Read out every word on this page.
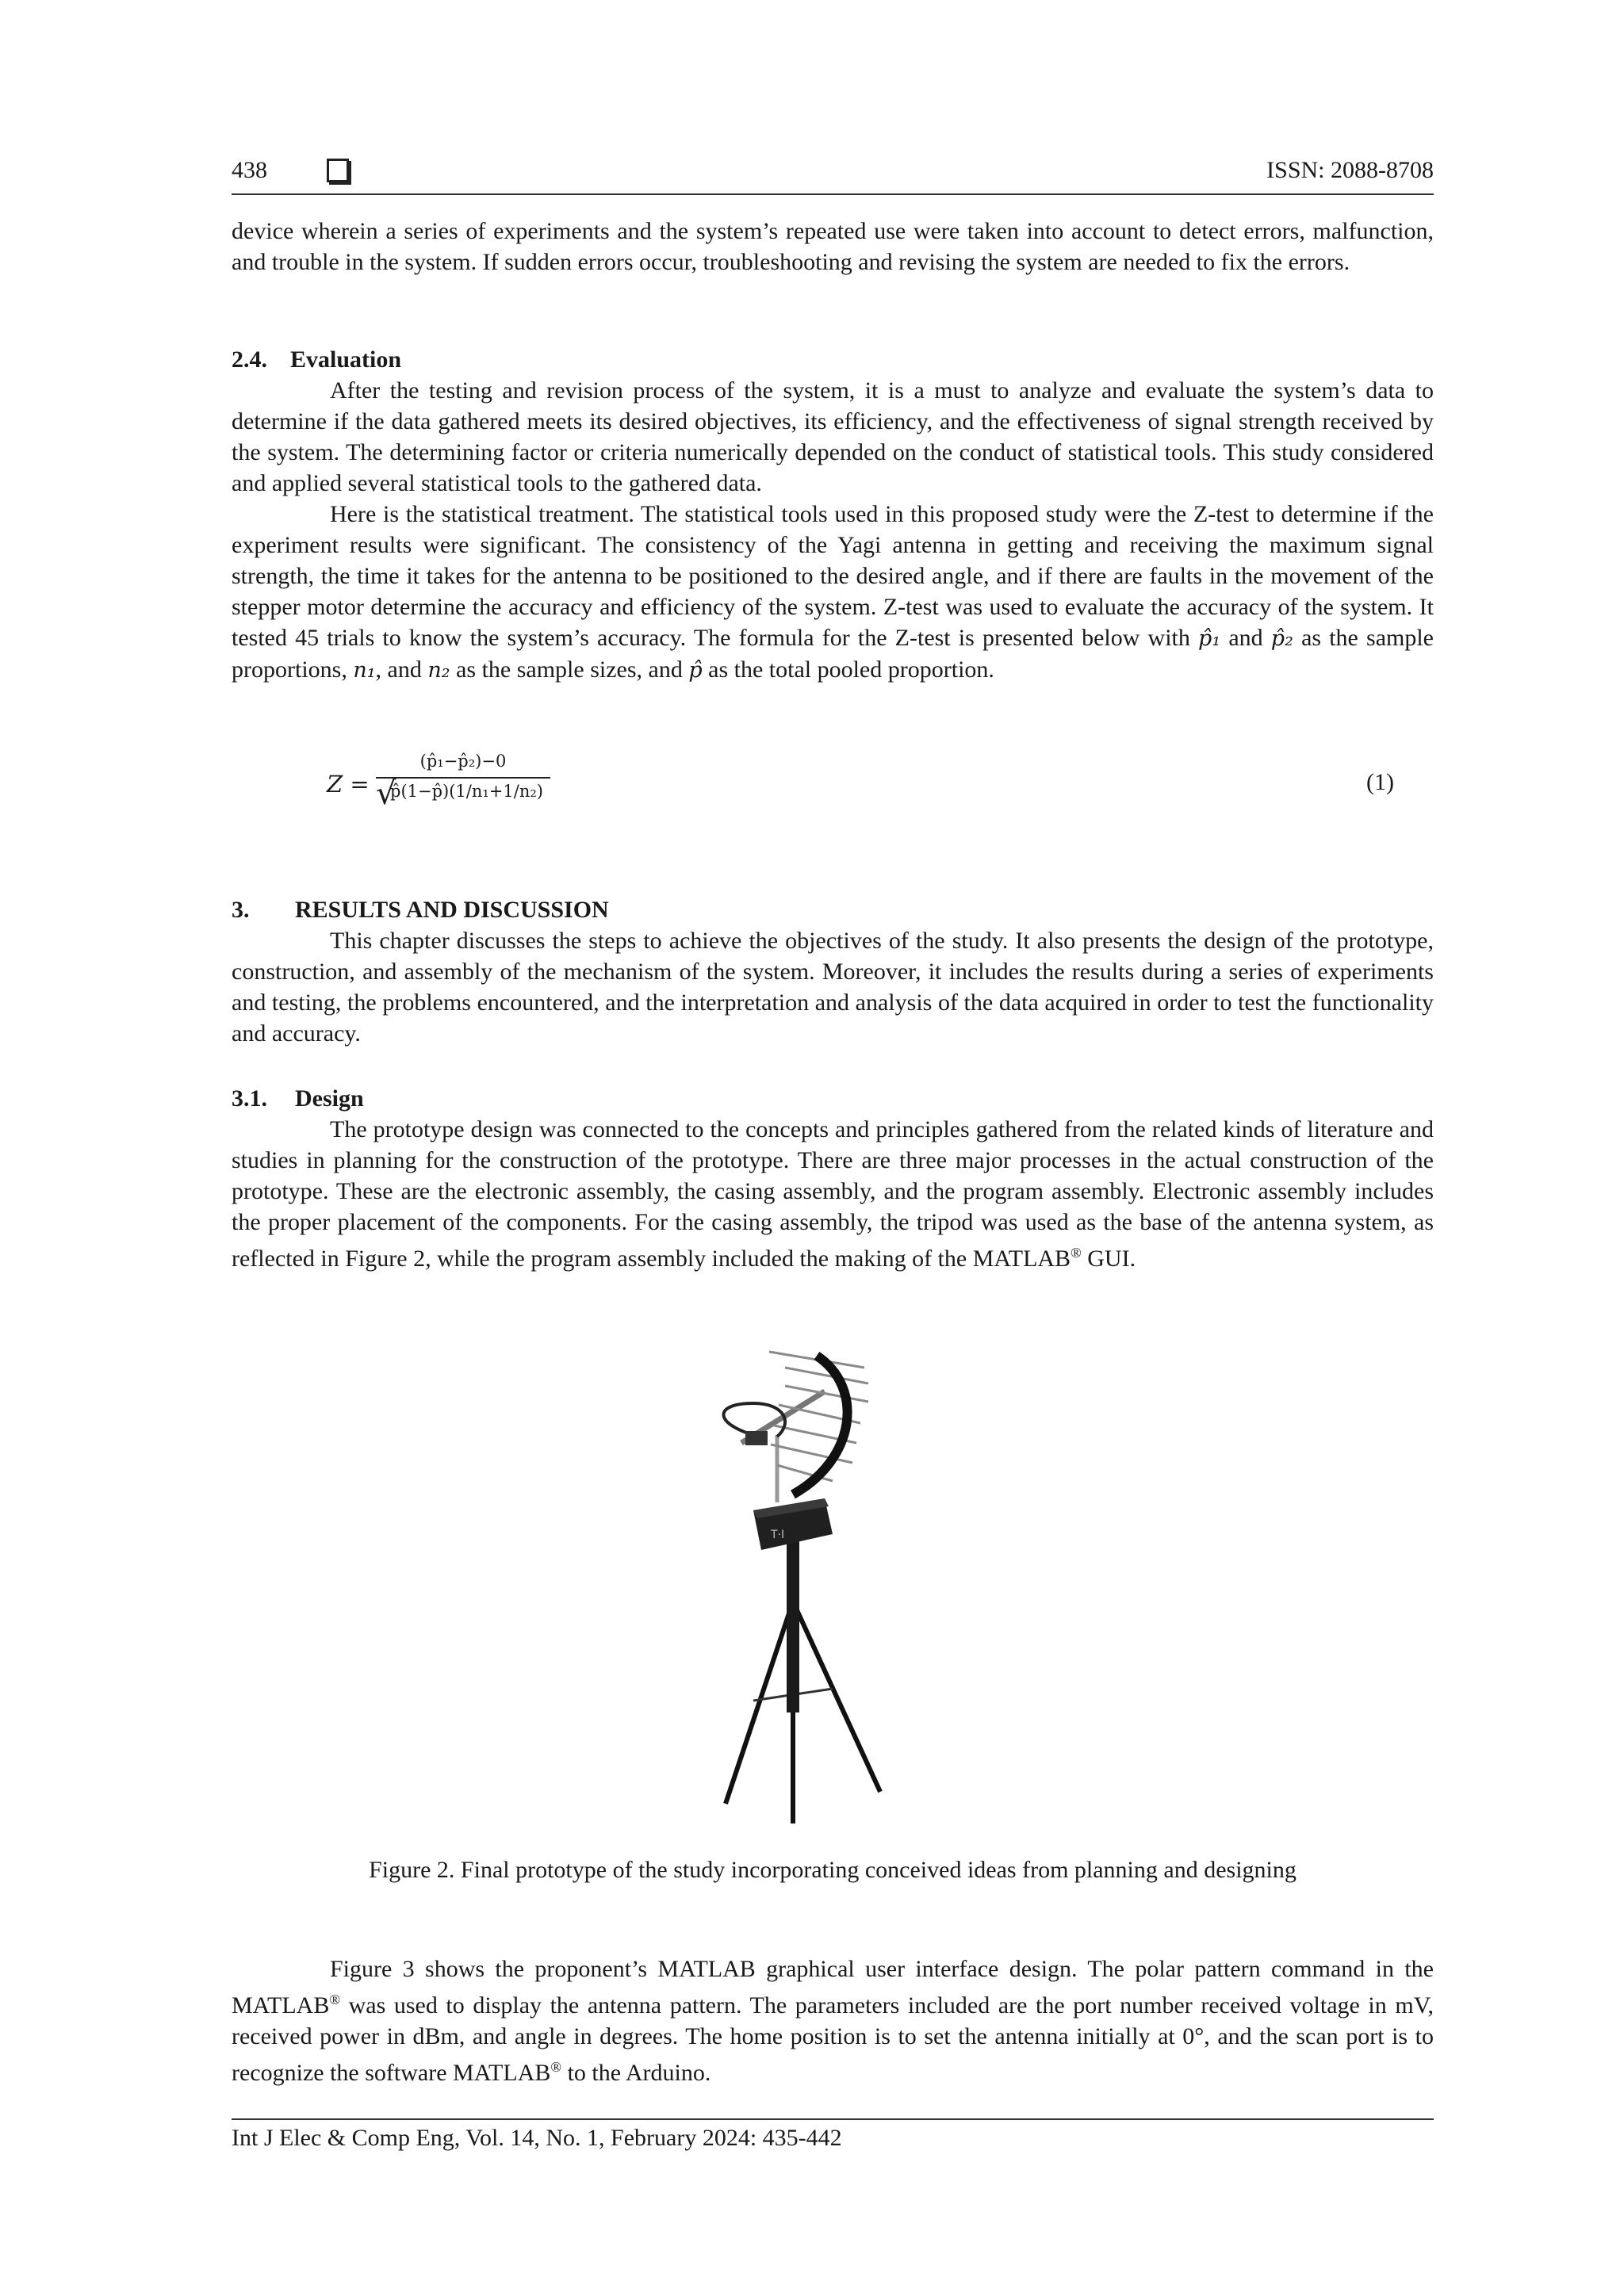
438	ISSN: 2088-8708

device wherein a series of experiments and the system’s repeated use were taken into account to detect errors, malfunction, and trouble in the system. If sudden errors occur, troubleshooting and revising the system are needed to fix the errors.

2.4. Evaluation

After the testing and revision process of the system, it is a must to analyze and evaluate the system’s data to determine if the data gathered meets its desired objectives, its efficiency, and the effectiveness of signal strength received by the system. The determining factor or criteria numerically depended on the conduct of statistical tools. This study considered and applied several statistical tools to the gathered data.

Here is the statistical treatment. The statistical tools used in this proposed study were the Z-test to determine if the experiment results were significant. The consistency of the Yagi antenna in getting and receiving the maximum signal strength, the time it takes for the antenna to be positioned to the desired angle, and if there are faults in the movement of the stepper motor determine the accuracy and efficiency of the system. Z-test was used to evaluate the accuracy of the system. It tested 45 trials to know the system’s accuracy. The formula for the Z-test is presented below with p̂₁ and p̂₂ as the sample proportions, n₁, and n₂ as the sample sizes, and p̂ as the total pooled proportion.

Z = (p̂₁−p̂₂)−0
√
p̂(1−p̂)(1/n₁+1/n₂)	(1)

3. RESULTS AND DISCUSSION

This chapter discusses the steps to achieve the objectives of the study. It also presents the design of the prototype, construction, and assembly of the mechanism of the system. Moreover, it includes the results during a series of experiments and testing, the problems encountered, and the interpretation and analysis of the data acquired in order to test the functionality and accuracy.

3.1. Design

The prototype design was connected to the concepts and principles gathered from the related kinds of literature and studies in planning for the construction of the prototype. There are three major processes in the actual construction of the prototype. These are the electronic assembly, the casing assembly, and the program assembly. Electronic assembly includes the proper placement of the components. For the casing assembly, the tripod was used as the base of the antenna system, as reflected in Figure 2, while the program assembly included the making of the MATLAB® GUI.

T·I
Figure 2. Final prototype of the study incorporating conceived ideas from planning and designing

Figure 3 shows the proponent’s MATLAB graphical user interface design. The polar pattern command in the MATLAB® was used to display the antenna pattern. The parameters included are the port number received voltage in mV, received power in dBm, and angle in degrees. The home position is to set the antenna initially at 0°, and the scan port is to recognize the software MATLAB® to the Arduino.

Int J Elec & Comp Eng, Vol. 14, No. 1, February 2024: 435-442
